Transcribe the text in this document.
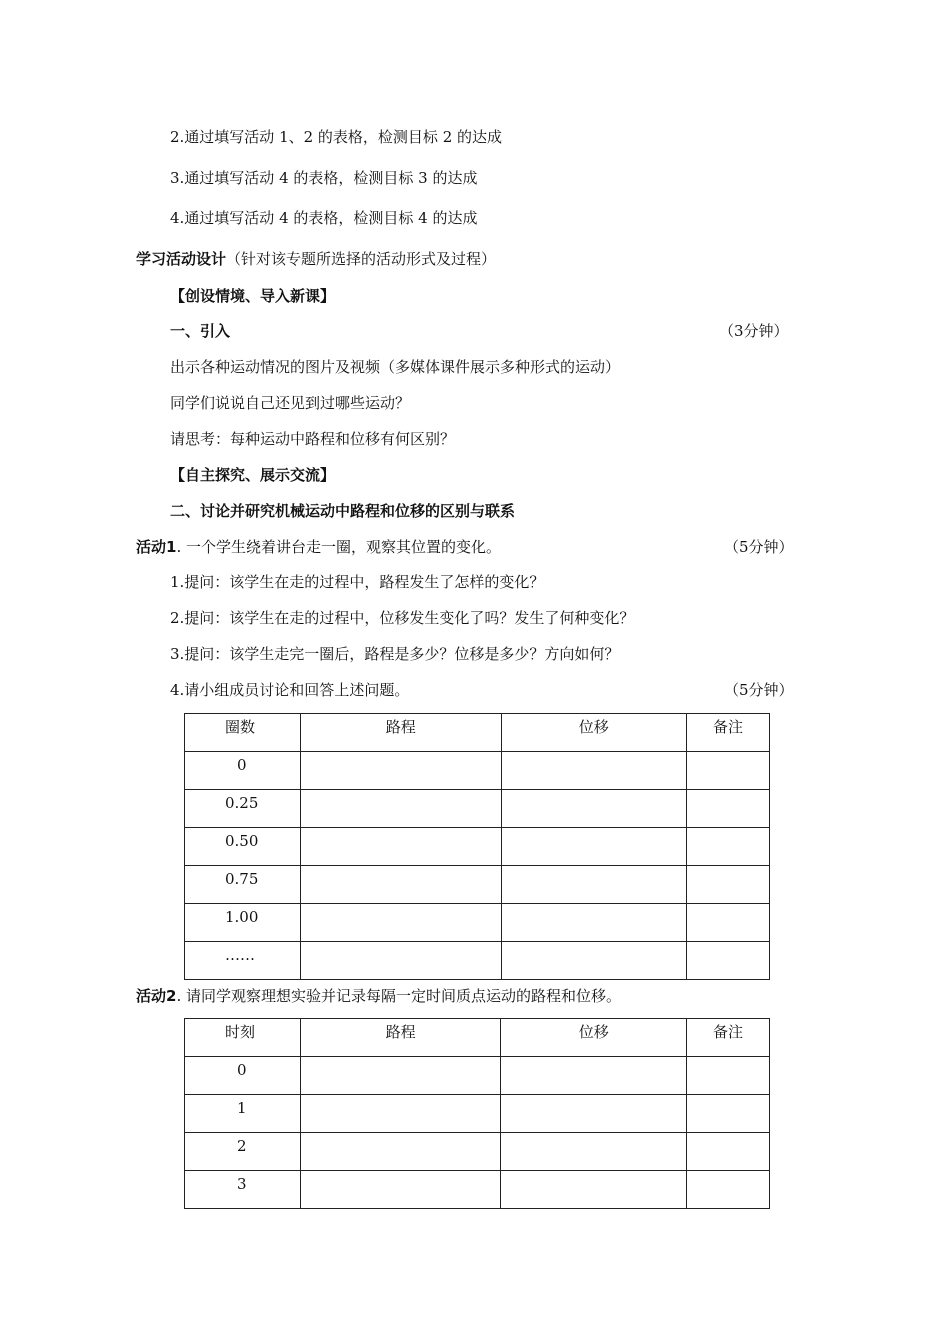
2.通过填写活动 1、2 的表格，检测目标 2 的达成
3.通过填写活动 4 的表格，检测目标 3 的达成
4.通过填写活动 4 的表格，检测目标 4 的达成
学习活动设计（针对该专题所选择的活动形式及过程）
【创设情境、导入新课】
一、引入	（3分钟）
出示各种运动情况的图片及视频（多媒体课件展示多种形式的运动）
同学们说说自己还见到过哪些运动？
请思考：每种运动中路程和位移有何区别？
【自主探究、展示交流】
二、讨论并研究机械运动中路程和位移的区别与联系
活动1. 一个学生绕着讲台走一圈，观察其位置的变化。	（5分钟）
1.提问：该学生在走的过程中，路程发生了怎样的变化？
2.提问：该学生在走的过程中，位移发生变化了吗？发生了何种变化？
3.提问：该学生走完一圈后，路程是多少？位移是多少？方向如何？
4.请小组成员讨论和回答上述问题。	（5分钟）
圈数	路程	位移	备注
0			
0.25			
0.50			
0.75			
1.00			
……			
活动2. 请同学观察理想实验并记录每隔一定时间质点运动的路程和位移。
时刻	路程	位移	备注
0			
1			
2			
3			
